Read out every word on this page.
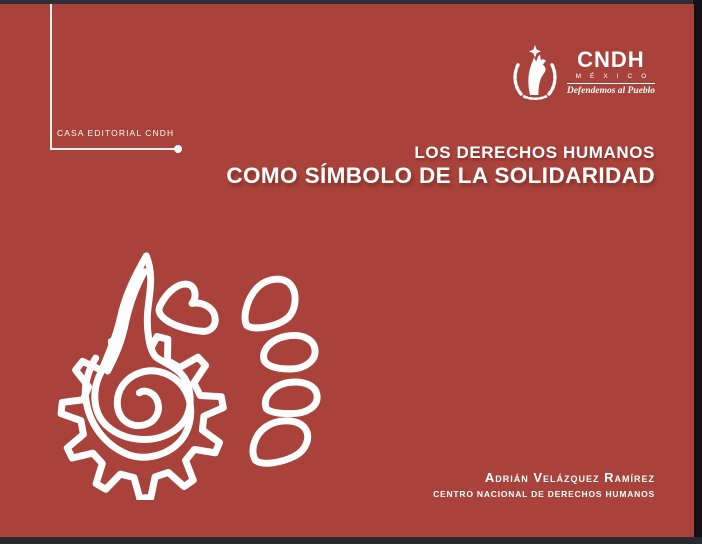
CASA EDITORIAL CNDH
CNDH
M É X I C O
Defendemos al Pueblo
LOS DERECHOS HUMANOS
COMO SÍMBOLO DE LA SOLIDARIDAD
Adrián Velázquez Ramírez
CENTRO NACIONAL DE DERECHOS HUMANOS
